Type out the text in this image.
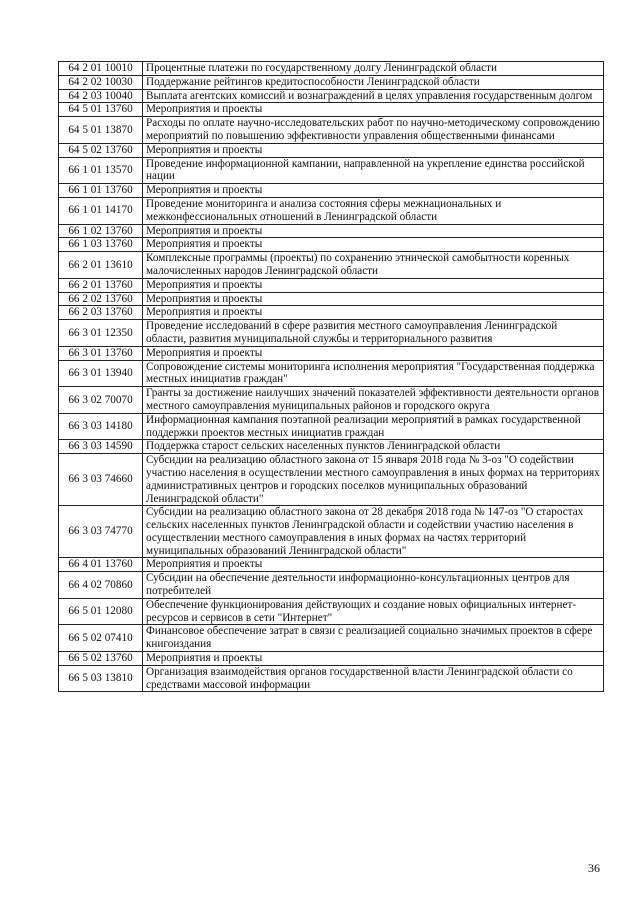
64 2 01 10010	Процентные платежи по государственному долгу Ленинградской области
64 2 02 10030	Поддержание рейтингов кредитоспособности Ленинградской области
64 2 03 10040	Выплата агентских комиссий и вознаграждений в целях управления государственным долгом
64 5 01 13760	Мероприятия и проекты
64 5 01 13870	Расходы по оплате научно-исследовательских работ по научно-методическому сопровождению мероприятий по повышению эффективности управления общественными финансами
64 5 02 13760	Мероприятия и проекты
66 1 01 13570	Проведение информационной кампании, направленной на укрепление единства российской нации
66 1 01 13760	Мероприятия и проекты
66 1 01 14170	Проведение мониторинга и анализа состояния сферы межнациональных и межконфессиональных отношений в Ленинградской области
66 1 02 13760	Мероприятия и проекты
66 1 03 13760	Мероприятия и проекты
66 2 01 13610	Комплексные программы (проекты) по сохранению этнической самобытности коренных малочисленных народов Ленинградской области
66 2 01 13760	Мероприятия и проекты
66 2 02 13760	Мероприятия и проекты
66 2 03 13760	Мероприятия и проекты
66 3 01 12350	Проведение исследований в сфере развития местного самоуправления Ленинградской области, развития муниципальной службы и территориального развития
66 3 01 13760	Мероприятия и проекты
66 3 01 13940	Сопровождение системы мониторинга исполнения мероприятия "Государственная поддержка местных инициатив граждан"
66 3 02 70070	Гранты за достижение наилучших значений показателей эффективности деятельности органов местного самоуправления муниципальных районов и городского округа
66 3 03 14180	Информационная кампания поэтапной реализации мероприятий в рамках государственной поддержки проектов местных инициатив граждан
66 3 03 14590	Поддержка старост сельских населенных пунктов Ленинградской области
66 3 03 74660	Субсидии на реализацию областного закона от 15 января 2018 года № 3-оз "О содействии участию населения в осуществлении местного самоуправления в иных формах на территориях административных центров и городских поселков муниципальных образований Ленинградской области"
66 3 03 74770	Субсидии на реализацию областного закона от 28 декабря 2018 года № 147-оз "О старостах сельских населенных пунктов Ленинградской области и содействии участию населения в осуществлении местного самоуправления в иных формах на частях территорий муниципальных образований Ленинградской области"
66 4 01 13760	Мероприятия и проекты
66 4 02 70860	Субсидии на обеспечение деятельности информационно-консультационных центров для потребителей
66 5 01 12080	Обеспечение функционирования действующих и создание новых официальных интернет-ресурсов и сервисов в сети "Интернет"
66 5 02 07410	Финансовое обеспечение затрат в связи с реализацией социально значимых проектов в сфере книгоиздания
66 5 02 13760	Мероприятия и проекты
66 5 03 13810	Организация взаимодействия органов государственной власти Ленинградской области со средствами массовой информации
36
